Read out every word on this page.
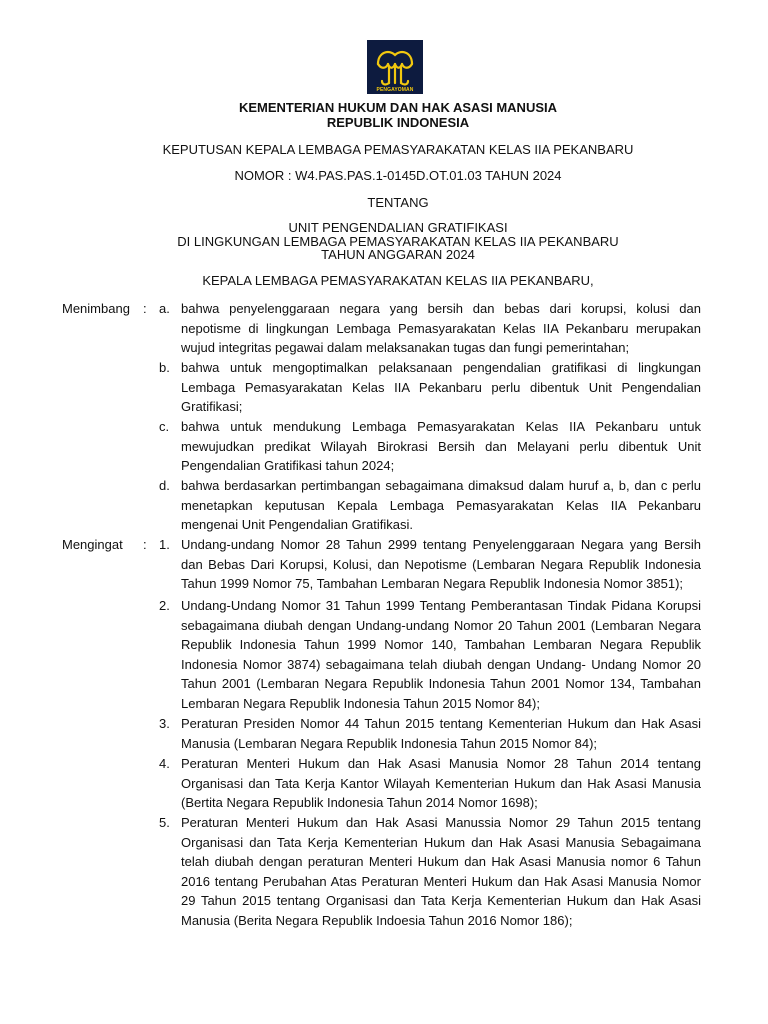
PENGAYOMAN
KEMENTERIAN HUKUM DAN HAK ASASI MANUSIA
REPUBLIK INDONESIA
KEPUTUSAN KEPALA LEMBAGA PEMASYARAKATAN KELAS IIA PEKANBARU
NOMOR : W4.PAS.PAS.1-0145D.OT.01.03 TAHUN 2024
TENTANG
UNIT PENGENDALIAN GRATIFIKASI
DI LINGKUNGAN LEMBAGA PEMASYARAKATAN KELAS IIA PEKANBARU
TAHUN ANGGARAN 2024
KEPALA LEMBAGA PEMASYARAKATAN KELAS IIA PEKANBARU,
Menimbang : a. bahwa penyelenggaraan negara yang bersih dan bebas dari korupsi, kolusi dan nepotisme di lingkungan Lembaga Pemasyarakatan Kelas IIA Pekanbaru merupakan wujud integritas pegawai dalam melaksanakan tugas dan fungi pemerintahan;
b. bahwa untuk mengoptimalkan pelaksanaan pengendalian gratifikasi di lingkungan Lembaga Pemasyarakatan Kelas IIA Pekanbaru perlu dibentuk Unit Pengendalian Gratifikasi;
c. bahwa untuk mendukung Lembaga Pemasyarakatan Kelas IIA Pekanbaru untuk mewujudkan predikat Wilayah Birokrasi Bersih dan Melayani perlu dibentuk Unit Pengendalian Gratifikasi tahun 2024;
d. bahwa berdasarkan pertimbangan sebagaimana dimaksud dalam huruf a, b, dan c perlu menetapkan keputusan Kepala Lembaga Pemasyarakatan Kelas IIA Pekanbaru mengenai Unit Pengendalian Gratifikasi.
Mengingat : 1. Undang-undang Nomor 28 Tahun 2999 tentang Penyelenggaraan Negara yang Bersih dan Bebas Dari Korupsi, Kolusi, dan Nepotisme (Lembaran Negara Republik Indonesia Tahun 1999 Nomor 75, Tambahan Lembaran Negara Republik Indonesia Nomor 3851);
2. Undang-Undang Nomor 31 Tahun 1999 Tentang Pemberantasan Tindak Pidana Korupsi sebagaimana diubah dengan Undang-undang Nomor 20 Tahun 2001 (Lembaran Negara Republik Indonesia Tahun 1999 Nomor 140, Tambahan Lembaran Negara Republik Indonesia Nomor 3874) sebagaimana telah diubah dengan Undang- Undang Nomor 20 Tahun 2001 (Lembaran Negara Republik Indonesia Tahun 2001 Nomor 134, Tambahan Lembaran Negara Republik Indonesia Tahun 2015 Nomor 84);
3. Peraturan Presiden Nomor 44 Tahun 2015 tentang Kementerian Hukum dan Hak Asasi Manusia (Lembaran Negara Republik Indonesia Tahun 2015 Nomor 84);
4. Peraturan Menteri Hukum dan Hak Asasi Manusia Nomor 28 Tahun 2014 tentang Organisasi dan Tata Kerja Kantor Wilayah Kementerian Hukum dan Hak Asasi Manusia (Bertita Negara Republik Indonesia Tahun 2014 Nomor 1698);
5. Peraturan Menteri Hukum dan Hak Asasi Manussia Nomor 29 Tahun 2015 tentang Organisasi dan Tata Kerja Kementerian Hukum dan Hak Asasi Manusia Sebagaimana telah diubah dengan peraturan Menteri Hukum dan Hak Asasi Manusia nomor 6 Tahun 2016 tentang Perubahan Atas Peraturan Menteri Hukum dan Hak Asasi Manusia Nomor 29 Tahun 2015 tentang Organisasi dan Tata Kerja Kementerian Hukum dan Hak Asasi Manusia (Berita Negara Republik Indoesia Tahun 2016 Nomor 186);
